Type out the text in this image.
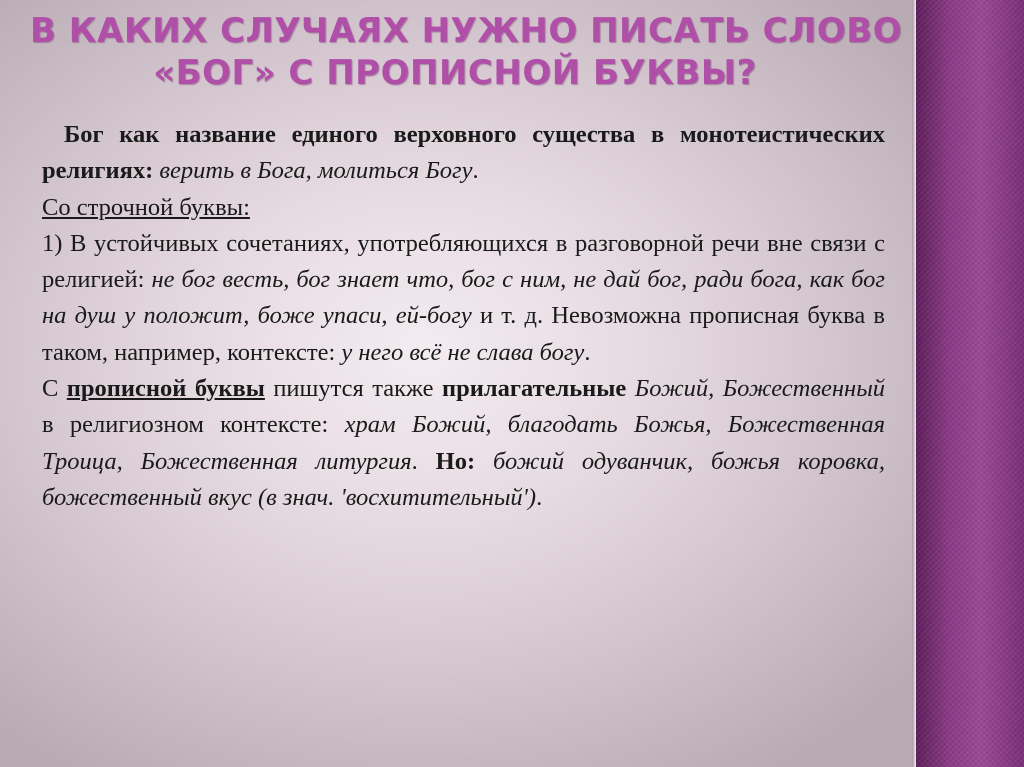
В КАКИХ СЛУЧАЯХ НУЖНО ПИСАТЬ СЛОВО
«БОГ» С ПРОПИСНОЙ БУКВЫ?
Бог как название единого верховного существа в монотеистических религиях: верить в Бога, молиться Богу.
Со строчной буквы:
1) В устойчивых сочетаниях, употребляющихся в разговорной речи вне связи с религией: не бог весть, бог знает что, бог с ним, не дай бог, ради бога, как бог на душ у положит, боже упаси, ей-богу и т. д. Невозможна прописная буква в таком, например, контексте: у него всё не слава богу.
С прописной буквы пишутся также прилагательные Божий, Божественный в религиозном контексте: храм Божий, благодать Божья, Божественная Троица, Божественная литургия. Но: божий одуванчик, божья коровка, божественный вкус (в знач. 'восхитительный').
